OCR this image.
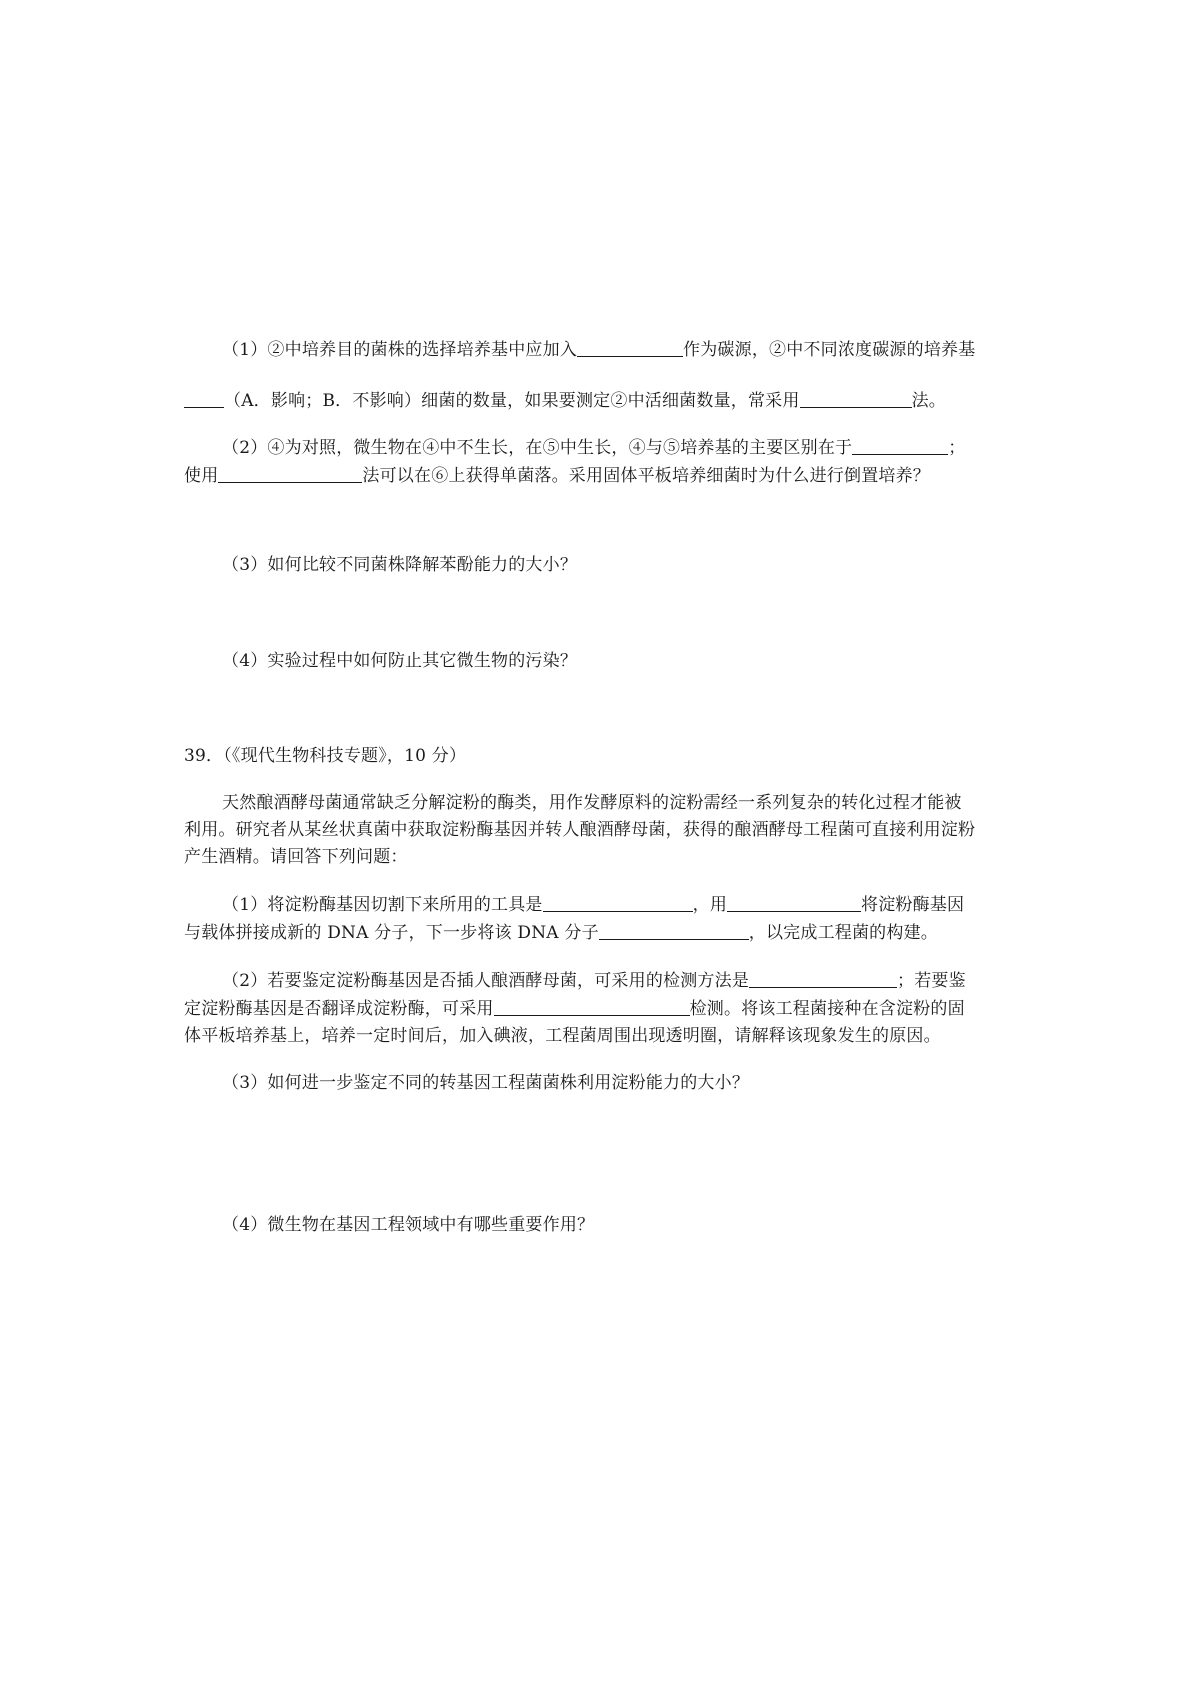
（1）②中培养目的菌株的选择培养基中应加入	作为碳源，②中不同浓度碳源的培养基
（A．影响；B．不影响）细菌的数量，如果要测定②中活细菌数量，常采用	法。
（2）④为对照，微生物在④中不生长，在⑤中生长，④与⑤培养基的主要区别在于	；
使用	法可以在⑥上获得单菌落。采用固体平板培养细菌时为什么进行倒置培养？
（3）如何比较不同菌株降解苯酚能力的大小？
（4）实验过程中如何防止其它微生物的污染？
39．（《现代生物科技专题》，10 分）
天然酿酒酵母菌通常缺乏分解淀粉的酶类，用作发酵原料的淀粉需经一系列复杂的转化过程才能被
利用。研究者从某丝状真菌中获取淀粉酶基因并转人酿酒酵母菌，获得的酿酒酵母工程菌可直接利用淀粉
产生酒精。请回答下列问题：
（1）将淀粉酶基因切割下来所用的工具是	，用	将淀粉酶基因
与载体拼接成新的 DNA 分子，下一步将该 DNA 分子	，以完成工程菌的构建。
（2）若要鉴定淀粉酶基因是否插人酿酒酵母菌，可采用的检测方法是	；若要鉴
定淀粉酶基因是否翻译成淀粉酶，可采用	检测。将该工程菌接种在含淀粉的固
体平板培养基上，培养一定时间后，加入碘液，工程菌周围出现透明圈，请解释该现象发生的原因。
（3）如何进一步鉴定不同的转基因工程菌菌株利用淀粉能力的大小？
（4）微生物在基因工程领域中有哪些重要作用？
